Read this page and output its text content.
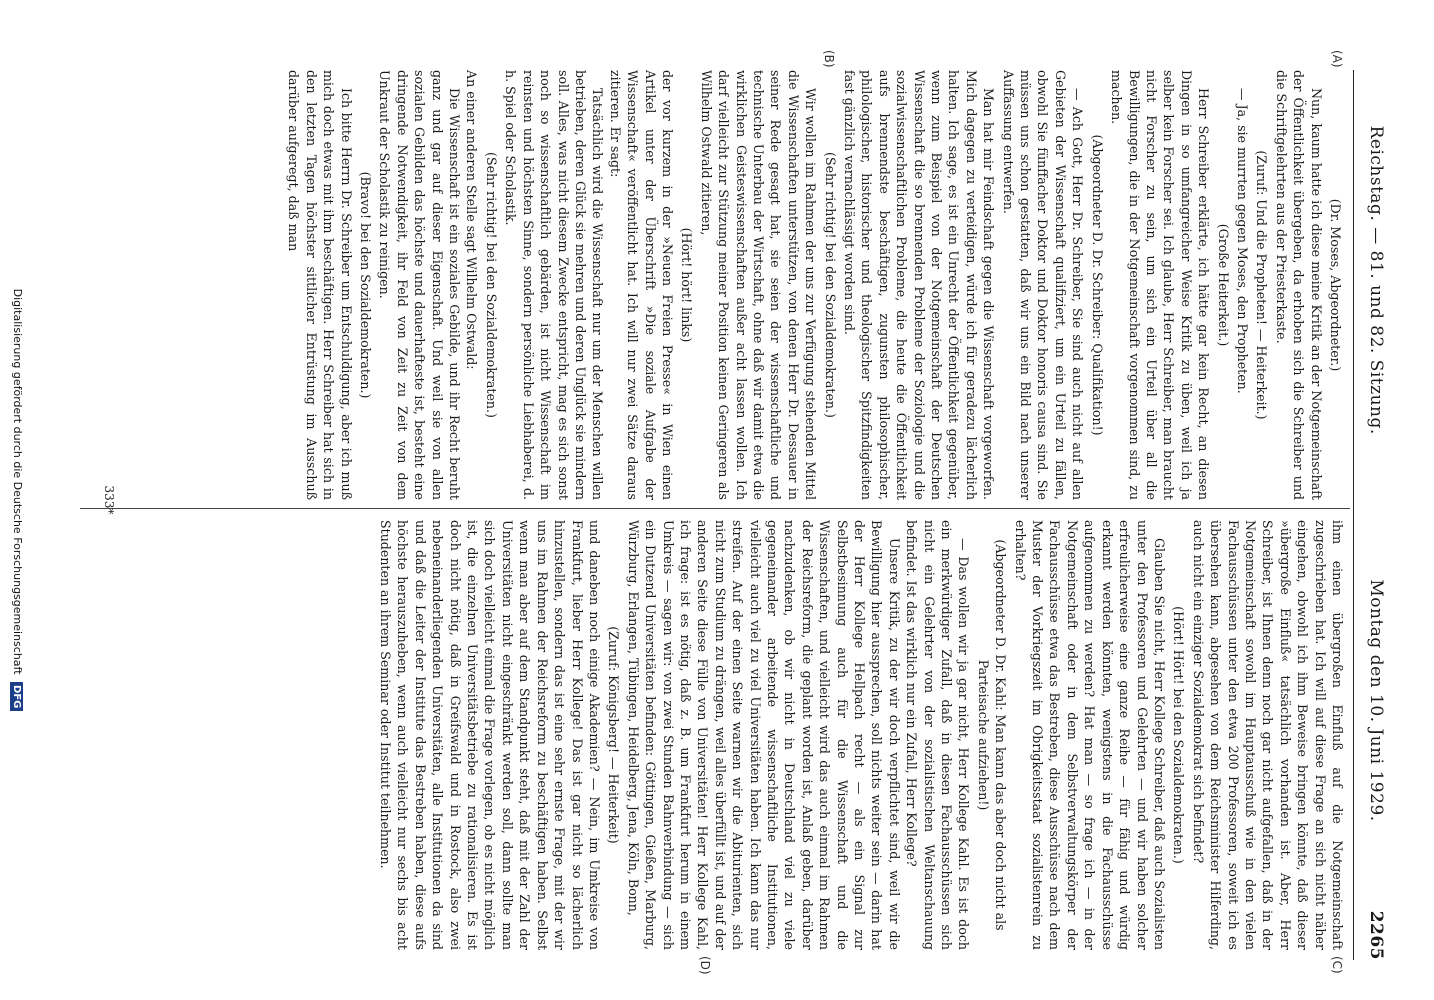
Reichstag. — 81. und 82. Sitzung.
Montag den 10. Juni 1929.
2265
(A)
(B)
(C)
(D)

(Dr. Moses, Abgeordneter.)

Nun, kaum hatte ich diese meine Kritik an der Notgemeinschaft der Öffentlichkeit übergeben, da erhoben sich die Schreiber und die Schriftgelehrten aus der Priesterkaste.

(Zuruf: Und die Propheten! — Heiterkeit.)

— Ja, sie murrten gegen Moses, den Propheten.

(Große Heiterkeit.)

Herr Schreiber erklärte, ich hätte gar kein Recht, an diesen Dingen in so umfangreicher Weise Kritik zu üben, weil ich ja selber kein Forscher sei. Ich glaube, Herr Schreiber, man braucht nicht Forscher zu sein, um sich ein Urteil über all die Bewilligungen, die in der Notgemeinschaft vorgenommen sind, zu machen.

(Abgeordneter D. Dr. Schreiber: Qualifikation!)

— Ach Gott, Herr Dr. Schreiber, Sie sind auch nicht auf allen Gebieten der Wissenschaft qualifiziert, um ein Urteil zu fällen, obwohl Sie fünffacher Doktor und Doktor honoris causa sind. Sie müssen uns schon gestatten, daß wir uns ein Bild nach unserer Auffassung entwerfen.

Man hat mir Feindschaft gegen die Wissenschaft vorgeworfen. Mich dagegen zu verteidigen, würde ich für geradezu lächerlich halten. Ich sage, es ist ein Unrecht der Öffentlichkeit gegenüber, wenn zum Beispiel von der Notgemeinschaft der Deutschen Wissenschaft die so brennenden Probleme der Soziologie und die sozialwissenschaftlichen Probleme, die heute die Öffentlichkeit aufs brennendste beschäftigen, zugunsten philosophischer, philologischer, historischer und theologischer Spitzfindigkeiten fast gänzlich vernachlässigt worden sind.

(Sehr richtig! bei den Sozialdemokraten.)

Wir wollen im Rahmen der uns zur Verfügung stehenden Mittel die Wissenschaften unterstützen, von denen Herr Dr. Dessauer in seiner Rede gesagt hat, sie seien der wissenschaftliche und technische Unterbau der Wirtschaft, ohne daß wir damit etwa die wirklichen Geisteswissenschaften außer acht lassen wollen. Ich darf vielleicht zur Stützung meiner Position keinen Geringeren als Wilhelm Ostwald zitieren,

(Hört! hört! links)

der vor kurzem in der »Neuen Freien Presse« in Wien einen Artikel unter der Überschrift »Die soziale Aufgabe der Wissenschaft« veröffentlicht hat. Ich will nur zwei Sätze daraus zitieren. Er sagt:

Tatsächlich wird die Wissenschaft nur um der Menschen willen betrieben, deren Glück sie mehren und deren Unglück sie mindern soll. Alles, was nicht diesem Zwecke entspricht, mag es sich sonst noch so wissenschaftlich gebärden, ist nicht Wissenschaft im reinsten und höchsten Sinne, sondern persönliche Liebhaberei, d. h. Spiel oder Scholastik.

(Sehr richtig! bei den Sozialdemokraten.)

An einer anderen Stelle sagt Wilhelm Ostwald:

Die Wissenschaft ist ein soziales Gebilde, und ihr Recht beruht ganz und gar auf dieser Eigenschaft. Und weil sie von allen sozialen Gebilden das höchste und dauerhafteste ist, besteht eine dringende Notwendigkeit, ihr Feld von Zeit zu Zeit von dem Unkraut der Scholastik zu reinigen.

(Bravo! bei den Sozialdemokraten.)

Ich bitte Herrn Dr. Schreiber um Entschuldigung, aber ich muß mich doch etwas mit ihm beschäftigen. Herr Schreiber hat sich in den letzten Tagen höchster sittlicher Entrüstung im Ausschuß darüber aufgeregt, daß man

ihm einen übergroßen Einfluß auf die Notgemeinschaft zugeschrieben hat. Ich will auf diese Frage an sich nicht näher eingehen, obwohl ich ihm Beweise bringen könnte, daß dieser »übergroße Einfluß« tatsächlich vorhanden ist. Aber, Herr Schreiber, ist Ihnen denn noch gar nicht aufgefallen, daß in der Notgemeinschaft sowohl im Hauptausschuß wie in den vielen Fachausschüssen unter den etwa 200 Professoren, soweit ich es übersehen kann, abgesehen von dem Reichsminister Hilferding, auch nicht ein einziger Sozialdemokrat sich befindet?

(Hört! Hört! bei den Sozialdemokraten.)

Glauben Sie nicht, Herr Kollege Schreiber, daß auch Sozialisten unter den Professoren und Gelehrten — und wir haben solcher erfreulicherweise eine ganze Reihe — für fähig und würdig erkannt werden könnten, wenigstens in die Fachausschüsse aufgenommen zu werden? Hat man — so frage ich — in der Notgemeinschaft oder in dem Selbstverwaltungskörper der Fachausschüsse etwa das Bestreben, diese Ausschüsse nach dem Muster der Vorkriegszeit im Obrigkeitsstaat sozialistenrein zu erhalten?

(Abgeordneter D. Dr. Kahl: Man kann das aber doch nicht als Parteisache aufziehen!)

— Das wollen wir ja gar nicht, Herr Kollege Kahl. Es ist doch ein merkwürdiger Zufall, daß in diesen Fachausschüssen sich nicht ein Gelehrter von der sozialistischen Weltanschauung befindet. Ist das wirklich nur ein Zufall, Herr Kollege?

Unsere Kritik, zu der wir doch verpflichtet sind, weil wir die Bewilligung hier aussprechen, soll nichts weiter sein — darin hat der Herr Kollege Hellpach recht — als ein Signal zur Selbstbesinnung auch für die Wissenschaft und die Wissenschaften, und vielleicht wird das auch einmal im Rahmen der Reichsreform, die geplant worden ist, Anlaß geben, darüber nachzudenken, ob wir nicht in Deutschland viel zu viele gegeneinander arbeitende wissenschaftliche Institutionen, vielleicht auch viel zu viel Universitäten haben. Ich kann das nur streifen. Auf der einen Seite warnen wir die Abiturienten, sich nicht zum Studium zu drängen, weil alles überfüllt ist, und auf der anderen Seite diese Fülle von Universitäten! Herr Kollege Kahl, ich frage: ist es nötig, daß z. B. um Frankfurt herum in einem Umkreis — sagen wir: von zwei Stunden Bahnverbindung — sich ein Dutzend Universitäten befinden: Göttingen, Gießen, Marburg, Würzburg, Erlangen, Tübingen, Heidelberg, Jena, Köln, Bonn,

(Zuruf: Königsberg! — Heiterkeit)

und daneben noch einige Akademien? — Nein, im Umkreise von Frankfurt, lieber Herr Kollege! Das ist gar nicht so lächerlich hinzustellen, sondern das ist eine sehr ernste Frage, mit der wir uns im Rahmen der Reichsreform zu beschäftigen haben. Selbst wenn man aber auf dem Standpunkt steht, daß mit der Zahl der Universitäten nicht eingeschränkt werden soll, dann sollte man sich doch vielleicht einmal die Frage vorlegen, ob es nicht möglich ist, die einzelnen Universitätsbetriebe zu rationalisieren. Es ist doch nicht nötig, daß in Greifswald und in Rostock, also zwei nebeneinanderliegenden Universitäten, alle Institutionen da sind und daß die Leiter der Institute das Bestreben haben, diese aufs höchste herauszuheben, wenn auch vielleicht nur sechs bis acht Studenten an ihrem Seminar oder Institut teilnehmen.

333*
Digitalisierung gefördert durch die Deutsche Forschungsgemeinschaft DFG
